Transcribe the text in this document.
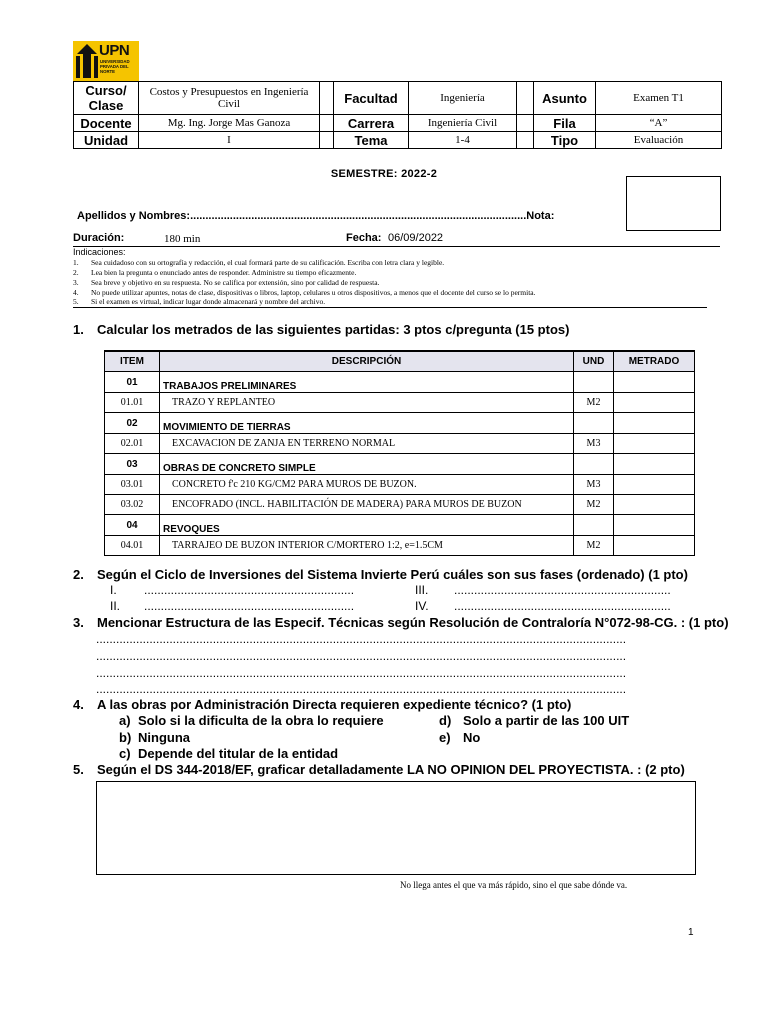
UPN
UNIVERSIDAD PRIVADA DEL NORTE
Curso/ Clase	Costos y Presupuestos en Ingeniería Civil		Facultad	Ingeniería		Asunto	Examen T1
Docente	Mg. Ing. Jorge Mas Ganoza		Carrera	Ingeniería Civil		Fila	“A”
Unidad	I		Tema	1-4		Tipo	Evaluación
SEMESTRE: 2022-2
Apellidos y Nombres:..............................................................................................................Nota:
Duración:	180 min	Fecha: 06/09/2022
Indicaciones:
1. Sea cuidadoso con su ortografía y redacción, el cual formará parte de su calificación. Escriba con letra clara y legible.
2. Lea bien la pregunta o enunciado antes de responder. Administre su tiempo eficazmente.
3. Sea breve y objetivo en su respuesta. No se califica por extensión, sino por calidad de respuesta.
4. No puede utilizar apuntes, notas de clase, dispositivas o libros, laptop, celulares u otros dispositivos, a menos que el docente del curso se lo permita.
5. Si el examen es virtual, indicar lugar donde almacenará y nombre del archivo.
1. Calcular los metrados de las siguientes partidas: 3 ptos c/pregunta (15 ptos)
ITEM	DESCRIPCIÓN	UND	METRADO
01	TRABAJOS PRELIMINARES		
01.01	TRAZO Y REPLANTEO	M2	
02	MOVIMIENTO DE TIERRAS		
02.01	EXCAVACION DE ZANJA EN TERRENO NORMAL	M3	
03	OBRAS DE CONCRETO SIMPLE		
03.01	CONCRETO f'c 210 KG/CM2 PARA MUROS DE BUZON.	M3	
03.02	ENCOFRADO (INCL. HABILITACIÓN DE MADERA) PARA MUROS DE BUZON	M2	
04	REVOQUES		
04.01	TARRAJEO DE BUZON INTERIOR C/MORTERO 1:2, e=1.5CM	M2	
2. Según el Ciclo de Inversiones del Sistema Invierte Perú cuáles son sus fases (ordenado) (1 pto)
I. ...............................................................
II. ...............................................................
III. .................................................................
IV. .................................................................
3. Mencionar Estructura de las Especif. Técnicas según Resolución de Contraloría N°072-98-CG. : (1 pto)
...............................................................................................................................................................
...............................................................................................................................................................
...............................................................................................................................................................
...............................................................................................................................................................
4. A las obras por Administración Directa requieren expediente técnico? (1 pto)
a) Solo si la dificulta de la obra lo requiere
b) Ninguna
c) Depende del titular de la entidad
d) Solo a partir de las 100 UIT
e) No
5. Según el DS 344-2018/EF, graficar detalladamente LA NO OPINION DEL PROYECTISTA. : (2 pto)
No llega antes el que va más rápido, sino el que sabe dónde va.
1
